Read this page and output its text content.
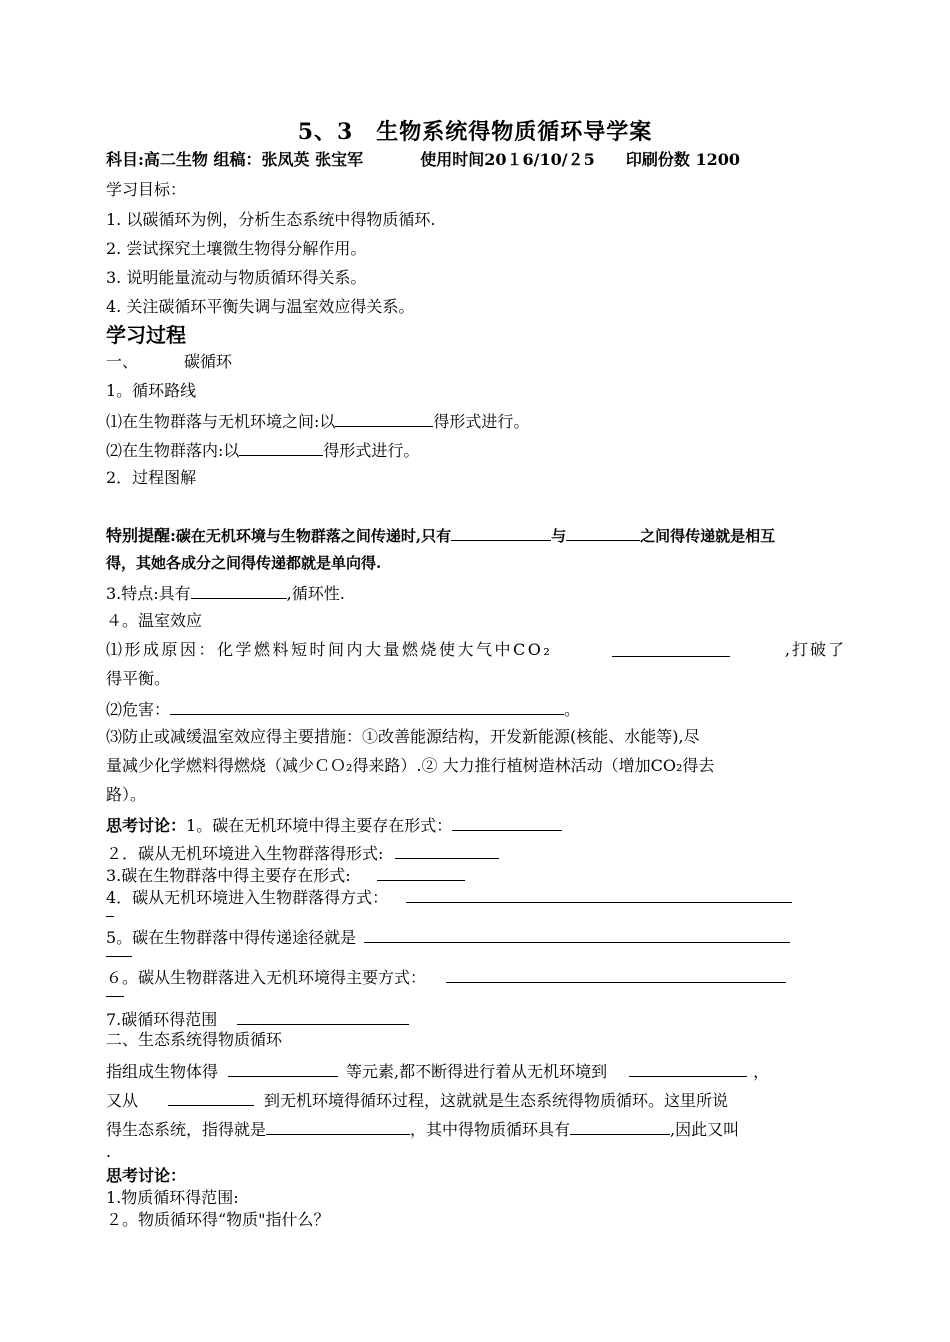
5、3　生物系统得物质循环导学案
科目:高二生物 组稿：张凤英 张宝军	使用时间20１6/10/２5 印刷份数 1200
学习目标：
1. 以碳循环为例，分析生态系统中得物质循环.
2. 尝试探究土壤微生物得分解作用。
3. 说明能量流动与物质循环得关系。
4. 关注碳循环平衡失调与温室效应得关系。
学习过程
一、	碳循环
1。循环路线
⑴在生物群落与无机环境之间:以	得形式进行。
⑵在生物群落内:以	得形式进行。
2．过程图解
特别提醒:碳在无机环境与生物群落之间传递时,只有	与	之间得传递就是相互
得，其她各成分之间得传递都就是单向得.
3.特点:具有	,循环性.
４。温室效应
⑴形成原因：化学燃料短时间内大量燃烧使大气中CO₂	,打破了
得平衡。
⑵危害：	。
⑶防止或减缓温室效应得主要措施：①改善能源结构，开发新能源(核能、水能等),尽
量减少化学燃料得燃烧（减少ＣＯ₂得来路）.② 大力推行植树造林活动（增加CO₂得去
路）。
思考讨论：1。碳在无机环境中得主要存在形式：
２．碳从无机环境进入生物群落得形式:
3.碳在生物群落中得主要存在形式:
4．碳从无机环境进入生物群落得方式：
5。碳在生物群落中得传递途径就是
６。碳从生物群落进入无机环境得主要方式：
7.碳循环得范围
二、生态系统得物质循环
指组成生物体得	等元素,都不断得进行着从无机环境到	，
又从	到无机环境得循环过程，这就就是生态系统得物质循环。这里所说
得生态系统，指得就是	，其中得物质循环具有	,因此又叫
.
思考讨论：
1.物质循环得范围:
２。物质循环得“物质"指什么？
